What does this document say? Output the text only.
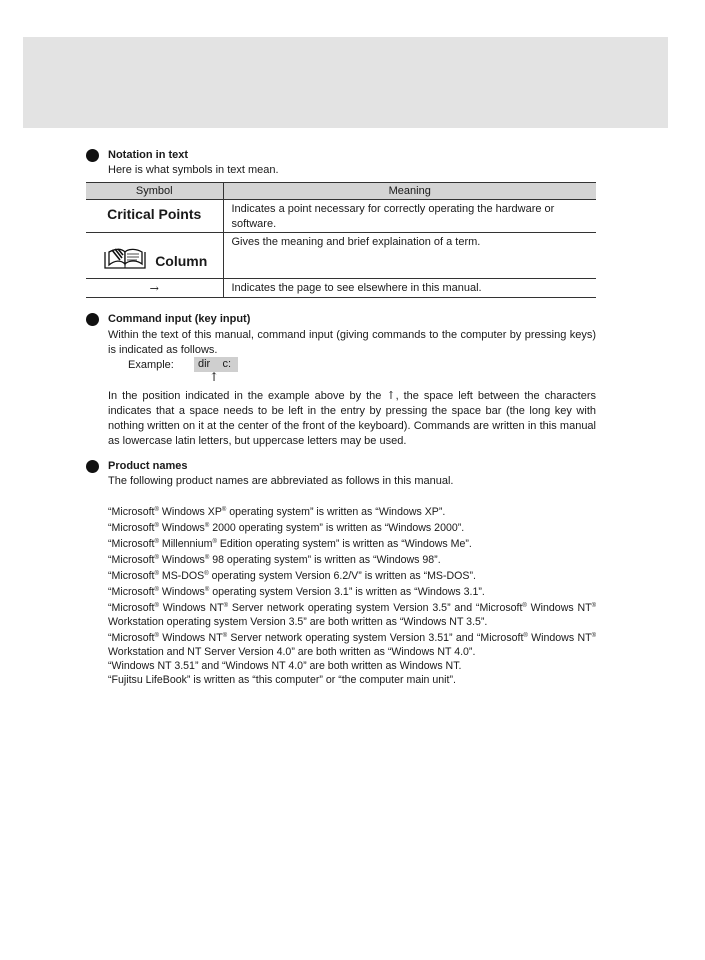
Notation in text
Here is what symbols in text mean.
Symbol	Meaning
Critical Points	Indicates a point necessary for correctly operating the hardware or software.

Column	Gives the meaning and brief explaination of a term.
→	Indicates the page to see elsewhere in this manual.
Command input (key input)
Within the text of this manual, command input (giving commands to the computer by pressing keys) is indicated as follows.
Example:	dir    c:
↑
In the position indicated in the example above by the ↑, the space left between the characters indicates that a space needs to be left in the entry by pressing the space bar (the long key with nothing written on it at the center of the front of the keyboard). Commands are written in this manual as lowercase latin letters, but uppercase letters may be used.
Product names
The following product names are abbreviated as follows in this manual.
“Microsoft® Windows XP® operating system” is written as “Windows XP”.
“Microsoft® Windows® 2000 operating system” is written as “Windows 2000”.
“Microsoft® Millennium® Edition operating system” is written as “Windows Me”.
“Microsoft® Windows® 98 operating system” is written as “Windows 98”.
“Microsoft® MS-DOS® operating system Version 6.2/V” is written as “MS-DOS”.
“Microsoft® Windows® operating system Version 3.1” is written as “Windows 3.1”.
“Microsoft® Windows NT® Server network operating system Version 3.5” and “Microsoft® Windows NT® Workstation operating system Version 3.5” are both written as “Windows NT 3.5”.
“Microsoft® Windows NT® Server network operating system Version 3.51” and “Microsoft® Windows NT® Workstation and NT Server Version 4.0” are both written as “Windows NT 4.0”.
“Windows NT 3.51” and “Windows NT 4.0” are both written as Windows NT.
“Fujitsu LifeBook” is written as “this computer” or “the computer main unit”.
